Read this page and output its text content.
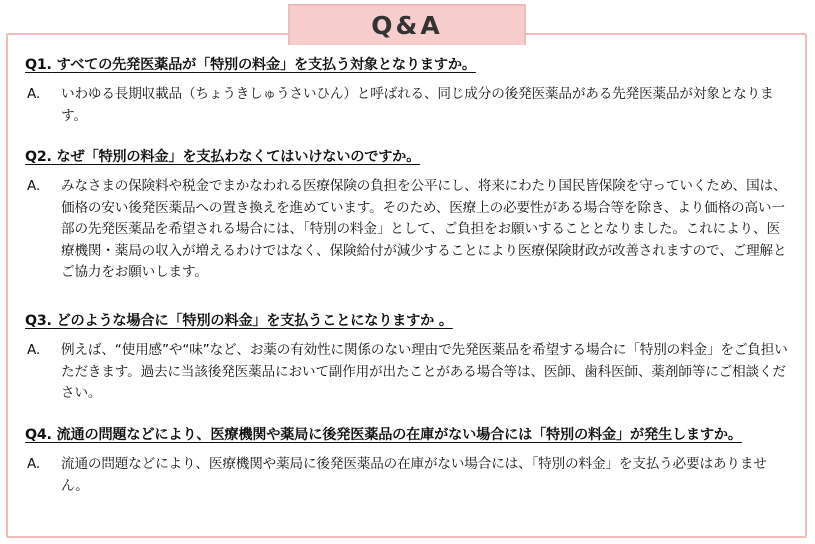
Q&A
Q1.
すべての先発医薬品が「特別の料金」を支払う対象となりますか。
A.	いわゆる長期収載品（ちょうきしゅうさいひん）と呼ばれる、同じ成分の後発医薬品がある先発医薬品が対象となります。
Q2.
なぜ「特別の料金」を支払わなくてはいけないのですか。
A.	みなさまの保険料や税金でまかなわれる医療保険の負担を公平にし、将来にわたり国民皆保険を守っていくため、国は、価格の安い後発医薬品への置き換えを進めています。そのため、医療上の必要性がある場合等を除き、より価格の高い一部の先発医薬品を希望される場合には、「特別の料金」として、ご負担をお願いすることとなりました。これにより、医療機関・薬局の収入が増えるわけではなく、保険給付が減少することにより医療保険財政が改善されますので、ご理解とご協力をお願いします。
Q3.
どのような場合に「特別の料金」を支払うことになりますか 。
A.	例えば、“使用感”や“味”など、お薬の有効性に関係のない理由で先発医薬品を希望する場合に「特別の料金」をご負担いただきます。過去に当該後発医薬品において副作用が出たことがある場合等は、医師、歯科医師、薬剤師等にご相談ください。
Q4.
流通の問題などにより、医療機関や薬局に後発医薬品の在庫がない場合には「特別の料金」が発生しますか。
A.	流通の問題などにより、医療機関や薬局に後発医薬品の在庫がない場合には、「特別の料金」を支払う必要はありません。
